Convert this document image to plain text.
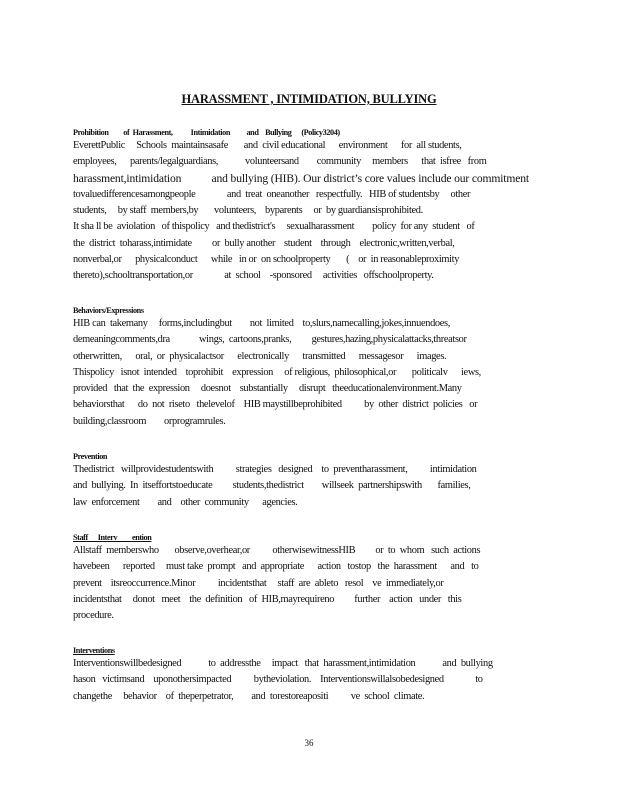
HARASSMENT , INTIMIDATION, BULLYING
Prohibition         of  Harassment,           Intimidation          and    Bullying      (Policy3204)
EverettPublic     Schools  maintainsasafe       and  civil educational      environment      for  all students,
employees,      parents/legalguardians,            volunteersand        community     members      that  isfree   from
harassment,intimidation           and bullying (HIB). Our district’s core values include our commitment
tovaluedifferencesamongpeople              and  treat  oneanother   respectfully.   HIB of studentsby     other
students,     by staff  members,by       volunteers,    byparents     or  by guardiansisprohibited.
It sha ll be  aviolation   of thispolicy   and thedistrict's     sexualharassment        policy  for any  student   of
the  district  toharass,intimidate         or  bully another    student    through    electronic,written,verbal,
nonverbal,or      physicalconduct      while   in or  on schoolproperty       (    or  in reasonableproximity
thereto),schooltransportation,or              at  school    -sponsored     activities   offschoolproperty.
Behaviors/Expressions
HIB can  takemany     forms,includingbut        not  limited    to,slurs,namecalling,jokes,innuendoes,
demeaningcomments,dra             wings,  cartoons,pranks,         gestures,hazing,physicalattacks,threatsor
otherwritten,      oral,  or  physicalactsor      electronically      transmitted      messagesor      images.
Thispolicy   isnot  intended    toprohibit    expression     of religious,  philosophical,or       politicalv      iews,
provided   that  the  expression     doesnot    substantially     disrupt   theeducationalenvironment.Many
behaviorsthat      do  not  riseto   thelevelof    HIB maystillbeprohibited          by  other  district  policies   or
building,classroom        orprogramrules.
Prevention
Thedistrict   willprovidestudentswith          strategies   designed    to  preventharassment,          intimidation
and  bullying.  In  itseffortstoeducate         students,thedistrict        willseek  partnershipswith       families,
law  enforcement        and    other  community      agencies.
Staff      Interv         ention
Allstaff  memberswho       observe,overhear,or          otherwisewitnessHIB         or  to  whom   such  actions
havebeen      reported     must take  prompt   and  appropriate      action   tostop   the  harassment      and   to
prevent    itsreoccurrence.Minor          incidentsthat     staff  are  ableto   resol    ve  immediately,or
incidentsthat     donot   meet    the  definition   of  HIB,mayrequireno         further    action   under   this
procedure.
Interventions
Interventionswillbedesigned            to  addressthe     impact   that  harassment,intimidation            and  bullying
hason   victimsand    uponothersimpacted          bytheviolation.    Interventionswillalsobedesigned              to
changethe     behavior    of  theperpetrator,        and  torestoreapositi          ve  school  climate.
36
